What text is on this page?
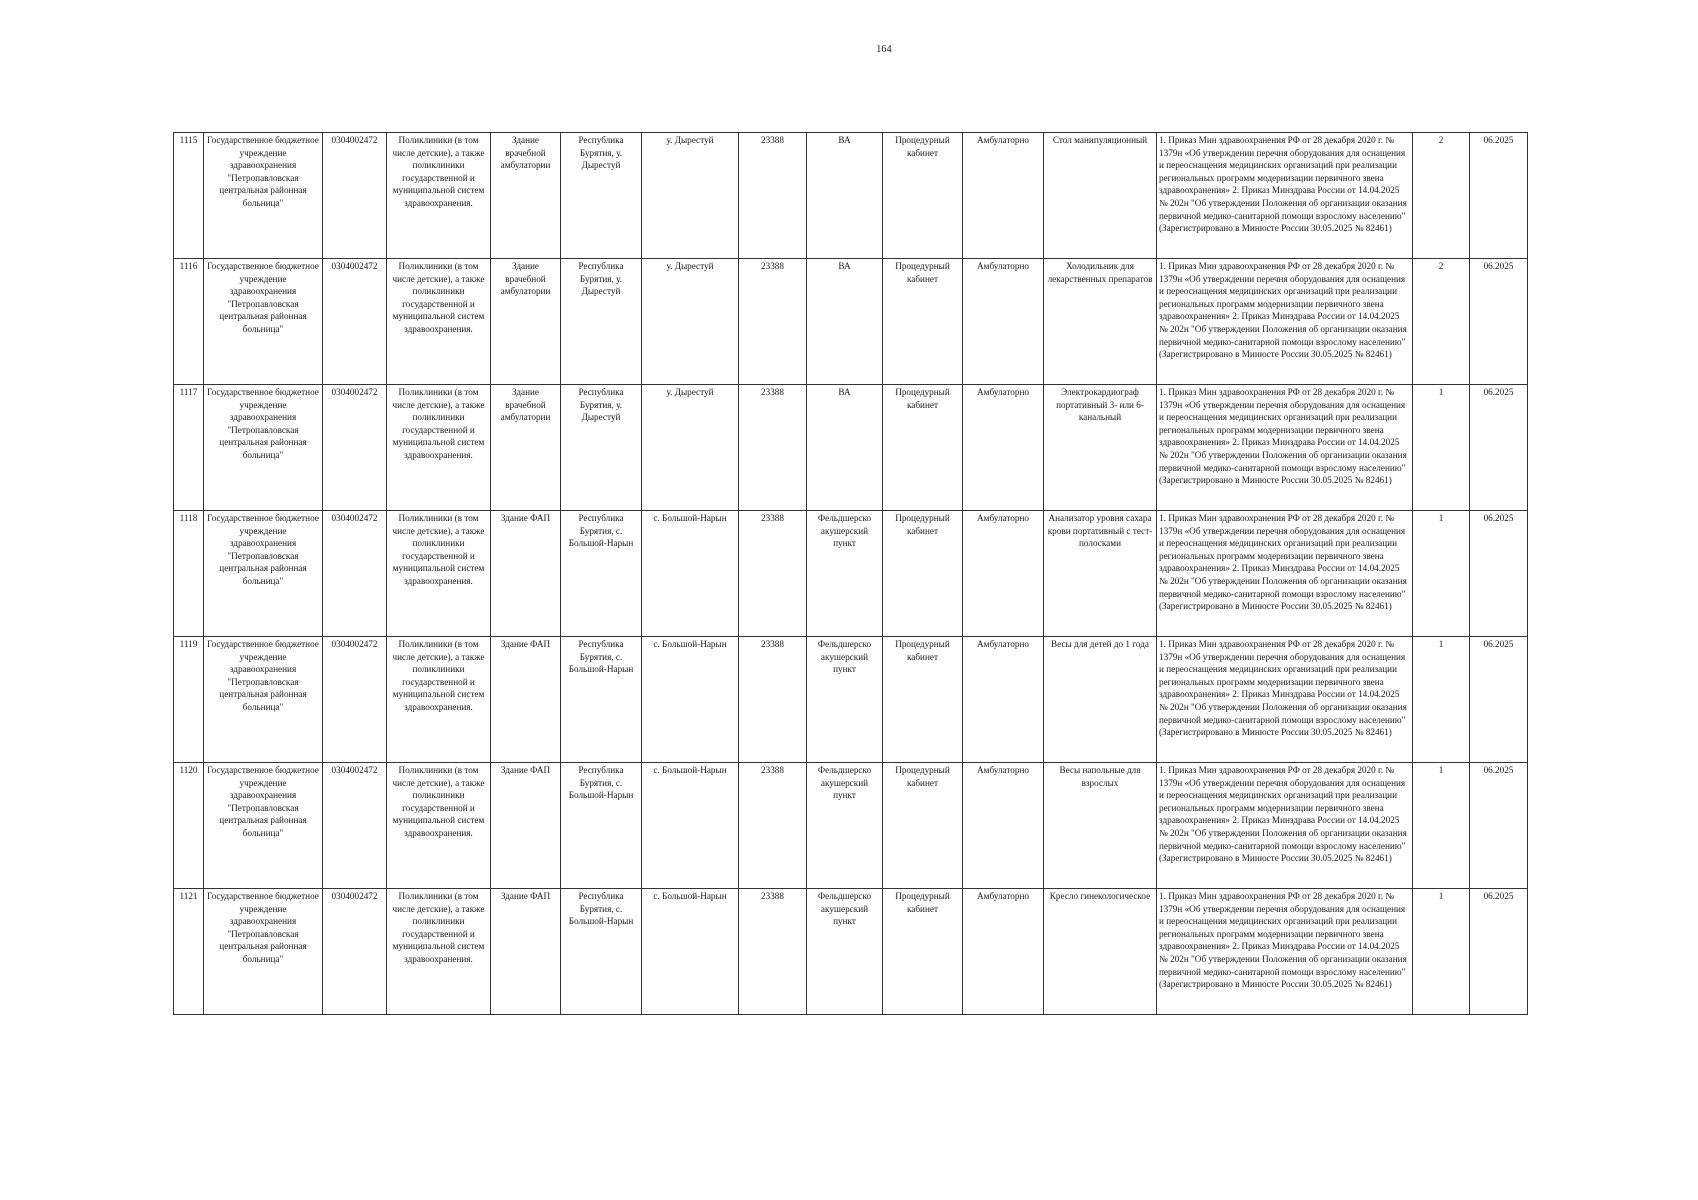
164
1115	Государственное бюджетное учреждение здравоохранения "Петропавловская центральная районная больница"	0304002472	Поликлиники (в том числе детские), а также поликлиники государственной и муниципальной систем здравоохранения.	Здание врачебной амбулатории	Республика Бурятия, у. Дырестуй	у. Дырестуй	23388	ВА	Процедурный кабинет	Амбулаторно	Стол манипуляционный	1. Приказ Мин здравоохранения РФ от 28 декабря 2020 г. № 1379н «Об утверждении перечня оборудования для оснащения и переоснащения медицинских организаций при реализации региональных программ модернизации первичного звена здравоохранения» 2. Приказ Минздрава России от 14.04.2025 № 202н "Об утверждении Положения об организации оказания первичной медико-санитарной помощи взрослому населению" (Зарегистрировано в Минюсте России 30.05.2025 № 82461)	2	06.2025
1116	Государственное бюджетное учреждение здравоохранения "Петропавловская центральная районная больница"	0304002472	Поликлиники (в том числе детские), а также поликлиники государственной и муниципальной систем здравоохранения.	Здание врачебной амбулатории	Республика Бурятия, у. Дырестуй	у. Дырестуй	23388	ВА	Процедурный кабинет	Амбулаторно	Холодильник для лекарственных препаратов	1. Приказ Мин здравоохранения РФ от 28 декабря 2020 г. № 1379н «Об утверждении перечня оборудования для оснащения и переоснащения медицинских организаций при реализации региональных программ модернизации первичного звена здравоохранения» 2. Приказ Минздрава России от 14.04.2025 № 202н "Об утверждении Положения об организации оказания первичной медико-санитарной помощи взрослому населению" (Зарегистрировано в Минюсте России 30.05.2025 № 82461)	2	06.2025
1117	Государственное бюджетное учреждение здравоохранения "Петропавловская центральная районная больница"	0304002472	Поликлиники (в том числе детские), а также поликлиники государственной и муниципальной систем здравоохранения.	Здание врачебной амбулатории	Республика Бурятия, у. Дырестуй	у. Дырестуй	23388	ВА	Процедурный кабинет	Амбулаторно	Электрокардиограф портативный 3- или 6-канальный	1. Приказ Мин здравоохранения РФ от 28 декабря 2020 г. № 1379н «Об утверждении перечня оборудования для оснащения и переоснащения медицинских организаций при реализации региональных программ модернизации первичного звена здравоохранения» 2. Приказ Минздрава России от 14.04.2025 № 202н "Об утверждении Положения об организации оказания первичной медико-санитарной помощи взрослому населению" (Зарегистрировано в Минюсте России 30.05.2025 № 82461)	1	06.2025
1118	Государственное бюджетное учреждение здравоохранения "Петропавловская центральная районная больница"	0304002472	Поликлиники (в том числе детские), а также поликлиники государственной и муниципальной систем здравоохранения.	Здание ФАП	Республика Бурятия, с. Большой-Нарын	с. Большой-Нарын	23388	Фельдшерско акушерский пункт	Процедурный кабинет	Амбулаторно	Анализатор уровня сахара крови портативный с тест-полосками	1. Приказ Мин здравоохранения РФ от 28 декабря 2020 г. № 1379н «Об утверждении перечня оборудования для оснащения и переоснащения медицинских организаций при реализации региональных программ модернизации первичного звена здравоохранения» 2. Приказ Минздрава России от 14.04.2025 № 202н "Об утверждении Положения об организации оказания первичной медико-санитарной помощи взрослому населению" (Зарегистрировано в Минюсте России 30.05.2025 № 82461)	1	06.2025
1119	Государственное бюджетное учреждение здравоохранения "Петропавловская центральная районная больница"	0304002472	Поликлиники (в том числе детские), а также поликлиники государственной и муниципальной систем здравоохранения.	Здание ФАП	Республика Бурятия, с. Большой-Нарын	с. Большой-Нарын	23388	Фельдшерско акушерский пункт	Процедурный кабинет	Амбулаторно	Весы для детей до 1 года	1. Приказ Мин здравоохранения РФ от 28 декабря 2020 г. № 1379н «Об утверждении перечня оборудования для оснащения и переоснащения медицинских организаций при реализации региональных программ модернизации первичного звена здравоохранения» 2. Приказ Минздрава России от 14.04.2025 № 202н "Об утверждении Положения об организации оказания первичной медико-санитарной помощи взрослому населению" (Зарегистрировано в Минюсте России 30.05.2025 № 82461)	1	06.2025
1120	Государственное бюджетное учреждение здравоохранения "Петропавловская центральная районная больница"	0304002472	Поликлиники (в том числе детские), а также поликлиники государственной и муниципальной систем здравоохранения.	Здание ФАП	Республика Бурятия, с. Большой-Нарын	с. Большой-Нарын	23388	Фельдшерско акушерский пункт	Процедурный кабинет	Амбулаторно	Весы напольные для взрослых	1. Приказ Мин здравоохранения РФ от 28 декабря 2020 г. № 1379н «Об утверждении перечня оборудования для оснащения и переоснащения медицинских организаций при реализации региональных программ модернизации первичного звена здравоохранения» 2. Приказ Минздрава России от 14.04.2025 № 202н "Об утверждении Положения об организации оказания первичной медико-санитарной помощи взрослому населению" (Зарегистрировано в Минюсте России 30.05.2025 № 82461)	1	06.2025
1121	Государственное бюджетное учреждение здравоохранения "Петропавловская центральная районная больница"	0304002472	Поликлиники (в том числе детские), а также поликлиники государственной и муниципальной систем здравоохранения.	Здание ФАП	Республика Бурятия, с. Большой-Нарын	с. Большой-Нарын	23388	Фельдшерско акушерский пункт	Процедурный кабинет	Амбулаторно	Кресло гинекологическое	1. Приказ Мин здравоохранения РФ от 28 декабря 2020 г. № 1379н «Об утверждении перечня оборудования для оснащения и переоснащения медицинских организаций при реализации региональных программ модернизации первичного звена здравоохранения» 2. Приказ Минздрава России от 14.04.2025 № 202н "Об утверждении Положения об организации оказания первичной медико-санитарной помощи взрослому населению" (Зарегистрировано в Минюсте России 30.05.2025 № 82461)	1	06.2025
